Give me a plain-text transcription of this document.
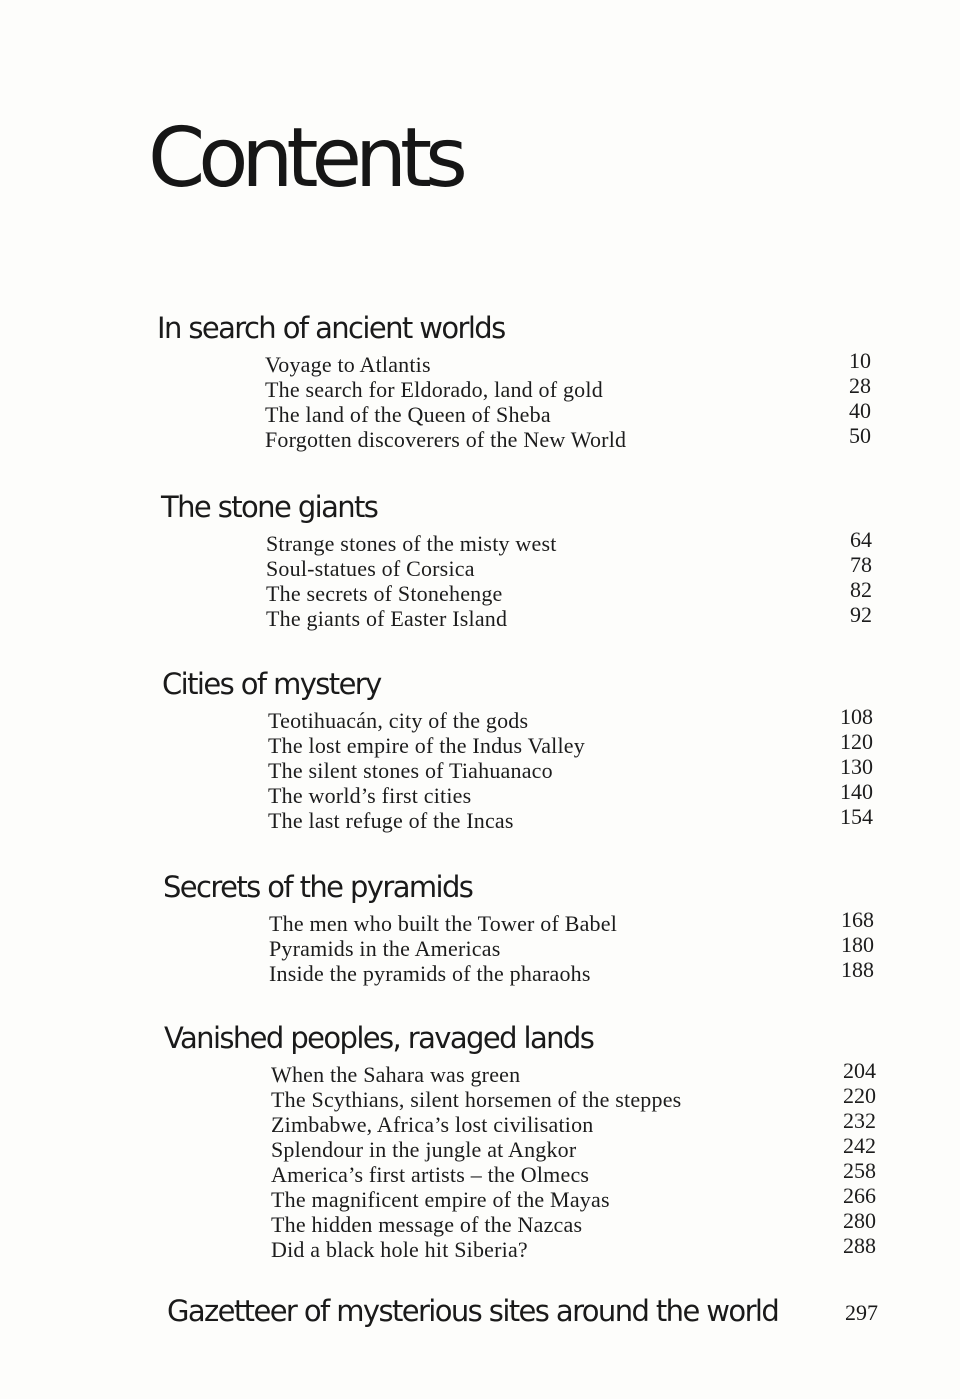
Contents
In search of ancient worlds
Voyage to Atlantis	10
The search for Eldorado, land of gold	28
The land of the Queen of Sheba	40
Forgotten discoverers of the New World	50
The stone giants
Strange stones of the misty west	64
Soul-statues of Corsica	78
The secrets of Stonehenge	82
The giants of Easter Island	92
Cities of mystery
Teotihuacán, city of the gods	108
The lost empire of the Indus Valley	120
The silent stones of Tiahuanaco	130
The world’s first cities	140
The last refuge of the Incas	154
Secrets of the pyramids
The men who built the Tower of Babel	168
Pyramids in the Americas	180
Inside the pyramids of the pharaohs	188
Vanished peoples, ravaged lands
When the Sahara was green	204
The Scythians, silent horsemen of the steppes	220
Zimbabwe, Africa’s lost civilisation	232
Splendour in the jungle at Angkor	242
America’s first artists – the Olmecs	258
The magnificent empire of the Mayas	266
The hidden message of the Nazcas	280
Did a black hole hit Siberia?	288
Gazetteer of mysterious sites around the world	297
